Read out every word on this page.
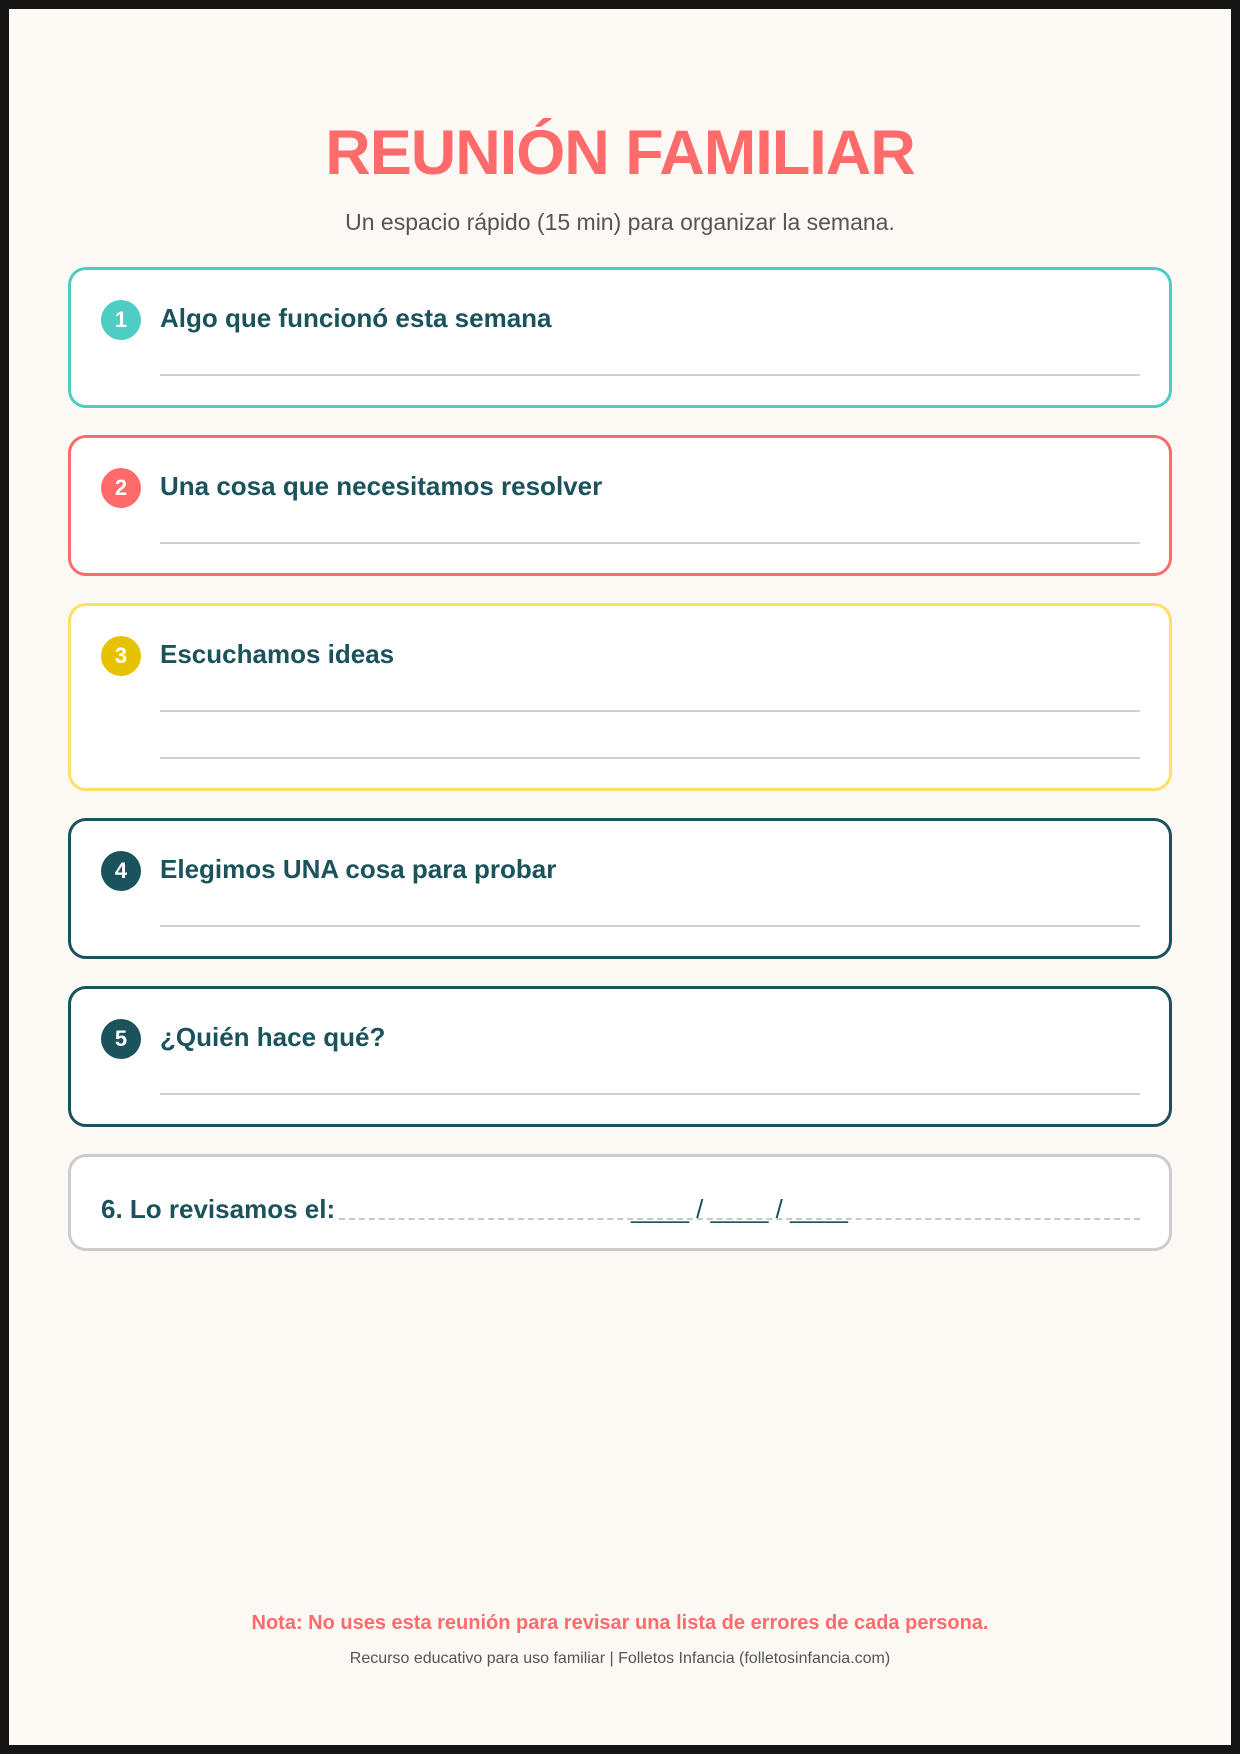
REUNIÓN FAMILIAR
Un espacio rápido (15 min) para organizar la semana.
1	Algo que funcionó esta semana
2	Una cosa que necesitamos resolver
3	Escuchamos ideas
4	Elegimos UNA cosa para probar
5	¿Quién hace qué?
6. Lo revisamos el:	____ / ____ / ____
Nota: No uses esta reunión para revisar una lista de errores de cada persona.
Recurso educativo para uso familiar | Folletos Infancia (folletosinfancia.com)
